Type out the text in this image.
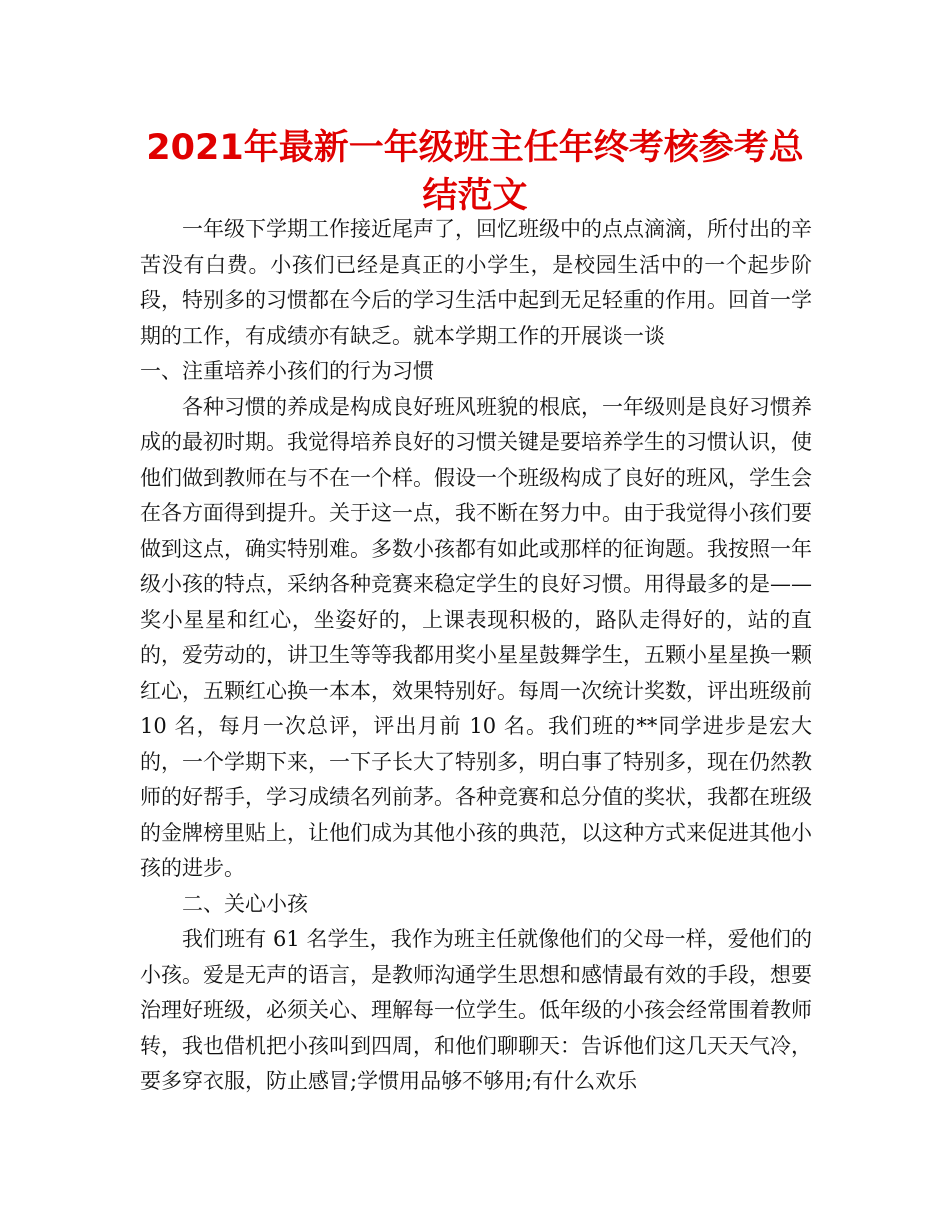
2021年最新一年级班主任年终考核参考总结范文

一年级下学期工作接近尾声了，回忆班级中的点点滴滴，所付出的辛苦没有白费。小孩们已经是真正的小学生，是校园生活中的一个起步阶段，特别多的习惯都在今后的学习生活中起到无足轻重的作用。回首一学期的工作，有成绩亦有缺乏。就本学期工作的开展谈一谈

一、注重培养小孩们的行为习惯

各种习惯的养成是构成良好班风班貌的根底，一年级则是良好习惯养成的最初时期。我觉得培养良好的习惯关键是要培养学生的习惯认识，使他们做到教师在与不在一个样。假设一个班级构成了良好的班风，学生会在各方面得到提升。关于这一点，我不断在努力中。由于我觉得小孩们要做到这点，确实特别难。多数小孩都有如此或那样的征询题。我按照一年级小孩的特点，采纳各种竞赛来稳定学生的良好习惯。用得最多的是——奖小星星和红心，坐姿好的，上课表现积极的，路队走得好的，站的直的，爱劳动的，讲卫生等等我都用奖小星星鼓舞学生，五颗小星星换一颗红心，五颗红心换一本本，效果特别好。每周一次统计奖数，评出班级前 10 名，每月一次总评，评出月前 10 名。我们班的**同学进步是宏大的，一个学期下来，一下子长大了特别多，明白事了特别多，现在仍然教师的好帮手，学习成绩名列前茅。各种竞赛和总分值的奖状，我都在班级的金牌榜里贴上，让他们成为其他小孩的典范，以这种方式来促进其他小孩的进步。

二、关心小孩

我们班有 61 名学生，我作为班主任就像他们的父母一样，爱他们的小孩。爱是无声的语言，是教师沟通学生思想和感情最有效的手段，想要治理好班级，必须关心、理解每一位学生。低年级的小孩会经常围着教师转，我也借机把小孩叫到四周，和他们聊聊天：告诉他们这几天天气冷，要多穿衣服，防止感冒;学惯用品够不够用;有什么欢乐
